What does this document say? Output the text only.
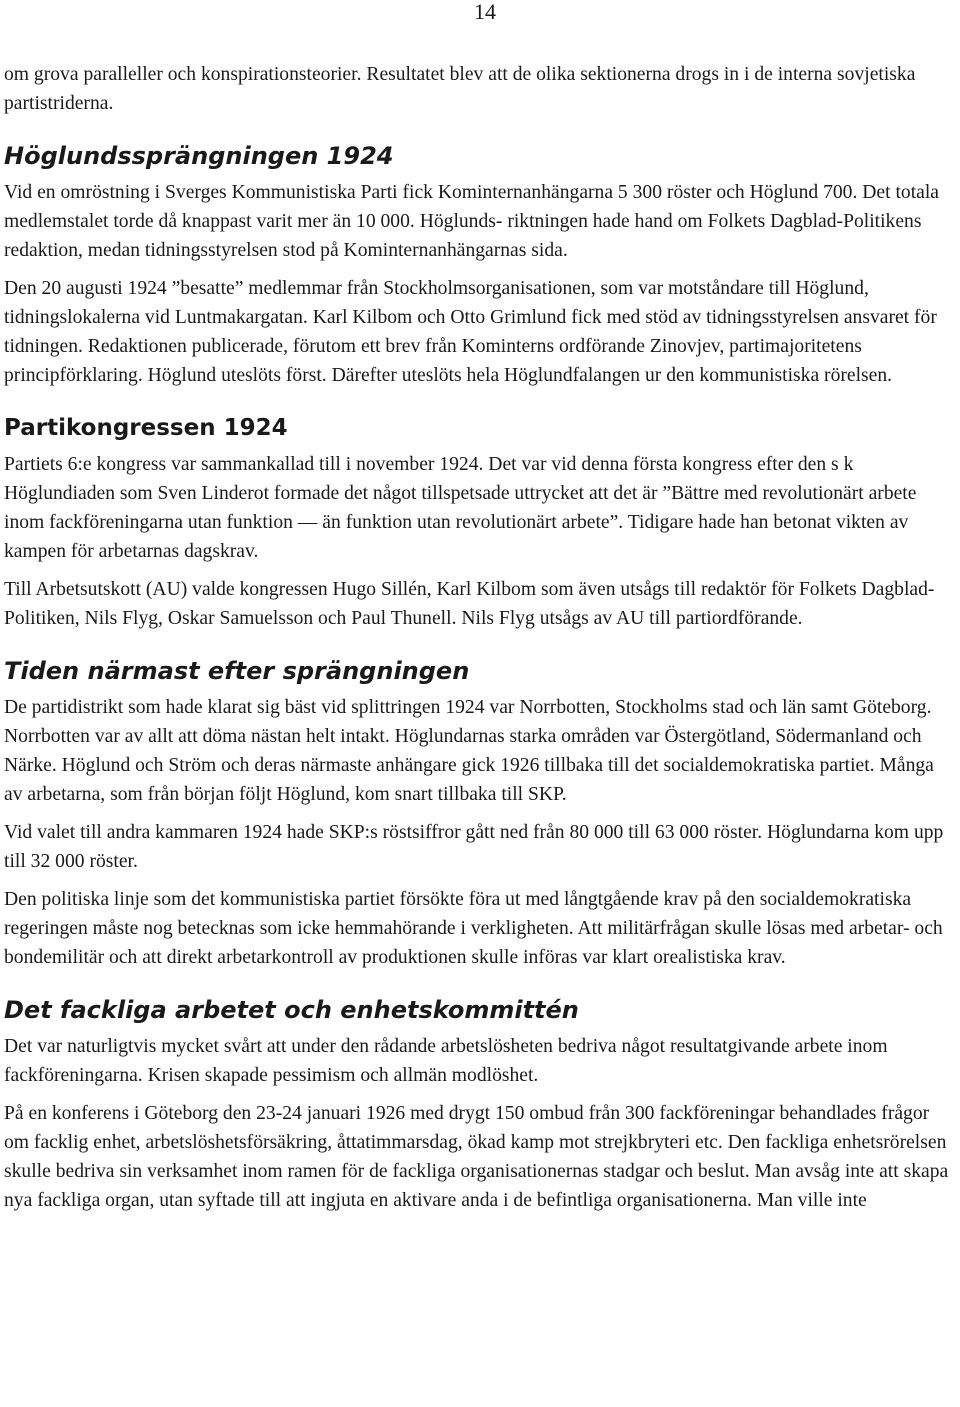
14

om grova paralleller och konspirationsteorier. Resultatet blev att de olika sektionerna drogs in i de interna sovjetiska partistriderna.

Höglundssprängningen 1924

Vid en omröstning i Sverges Kommunistiska Parti fick Kominternanhängarna 5 300 röster och Höglund 700. Det totala medlemstalet torde då knappast varit mer än 10 000. Höglunds- riktningen hade hand om Folkets Dagblad-Politikens redaktion, medan tidningsstyrelsen stod på Kominternanhängarnas sida.

Den 20 augusti 1924 ”besatte” medlemmar från Stockholmsorganisationen, som var motståndare till Höglund, tidningslokalerna vid Luntmakargatan. Karl Kilbom och Otto Grimlund fick med stöd av tidningsstyrelsen ansvaret för tidningen. Redaktionen publicerade, förutom ett brev från Kominterns ordförande Zinovjev, partimajoritetens principförklaring. Höglund uteslöts först. Därefter uteslöts hela Höglundfalangen ur den kommunistiska rörelsen.

Partikongressen 1924

Partiets 6:e kongress var sammankallad till i november 1924. Det var vid denna första kongress efter den s k Höglundiaden som Sven Linderot formade det något tillspetsade uttrycket att det är ”Bättre med revolutionärt arbete inom fackföreningarna utan funktion — än funktion utan revolutionärt arbete”. Tidigare hade han betonat vikten av kampen för arbetarnas dagskrav.

Till Arbetsutskott (AU) valde kongressen Hugo Sillén, Karl Kilbom som även utsågs till redaktör för Folkets Dagblad-Politiken, Nils Flyg, Oskar Samuelsson och Paul Thunell. Nils Flyg utsågs av AU till partiordförande.

Tiden närmast efter sprängningen

De partidistrikt som hade klarat sig bäst vid splittringen 1924 var Norrbotten, Stockholms stad och län samt Göteborg. Norrbotten var av allt att döma nästan helt intakt. Höglundarnas starka områden var Östergötland, Södermanland och Närke. Höglund och Ström och deras närmaste anhängare gick 1926 tillbaka till det socialdemokratiska partiet. Många av arbetarna, som från början följt Höglund, kom snart tillbaka till SKP.

Vid valet till andra kammaren 1924 hade SKP:s röstsiffror gått ned från 80 000 till 63 000 röster. Höglundarna kom upp till 32 000 röster.

Den politiska linje som det kommunistiska partiet försökte föra ut med långtgående krav på den socialdemokratiska regeringen måste nog betecknas som icke hemmahörande i verkligheten. Att militärfrågan skulle lösas med arbetar- och bondemilitär och att direkt arbetarkontroll av produktionen skulle införas var klart orealistiska krav.

Det fackliga arbetet och enhetskommittén

Det var naturligtvis mycket svårt att under den rådande arbetslösheten bedriva något resultatgivande arbete inom fackföreningarna. Krisen skapade pessimism och allmän modlöshet.

På en konferens i Göteborg den 23-24 januari 1926 med drygt 150 ombud från 300 fackföreningar behandlades frågor om facklig enhet, arbetslöshetsförsäkring, åttatimmarsdag, ökad kamp mot strejkbryteri etc. Den fackliga enhetsrörelsen skulle bedriva sin verksamhet inom ramen för de fackliga organisationernas stadgar och beslut. Man avsåg inte att skapa nya fackliga organ, utan syftade till att ingjuta en aktivare anda i de befintliga organisationerna. Man ville inte
